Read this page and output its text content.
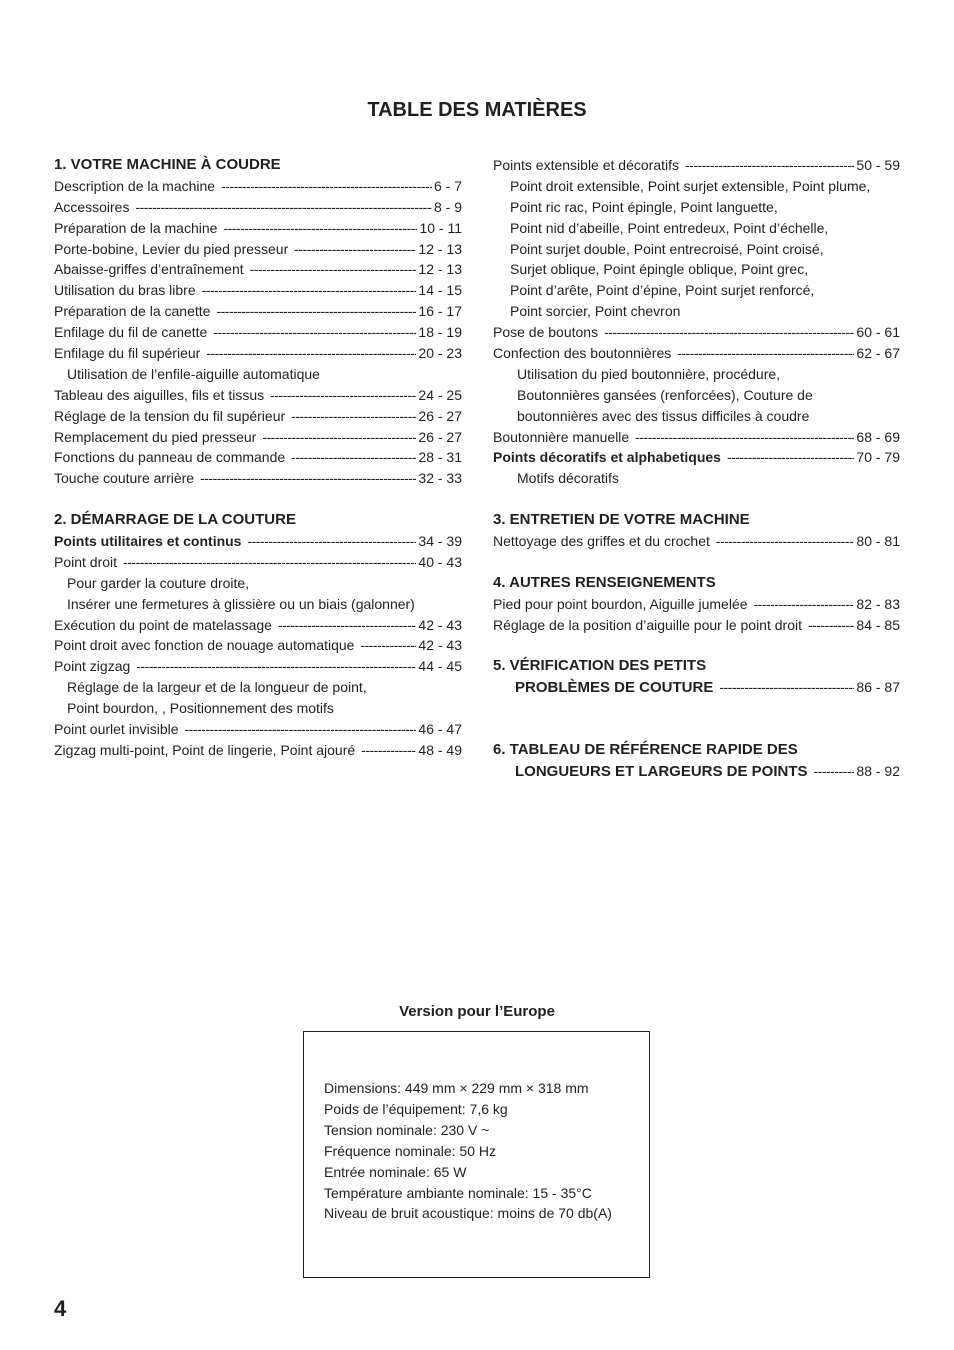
TABLE DES MATIÈRES
1. VOTRE MACHINE À COUDRE
Description de la machine -----	6 - 7
Accessoires -----	8 - 9
Préparation de la machine -----	10 - 11
Porte-bobine, Levier du pied presseur -----	12 - 13
Abaisse-griffes d’entraînement -----	12 - 13
Utilisation du bras libre -----	14 - 15
Préparation de la canette -----	16 - 17
Enfilage du fil de canette -----	18 - 19
Enfilage du fil supérieur -----	20 - 23
Utilisation de l’enfile-aiguille automatique
Tableau des aiguilles, fils et tissus -----	24 - 25
Réglage de la tension du fil supérieur -----	26 - 27
Remplacement du pied presseur -----	26 - 27
Fonctions du panneau de commande -----	28 - 31
Touche couture arrière -----	32 - 33
2. DÉMARRAGE DE LA COUTURE
Points utilitaires et continus -----	34 - 39
Point droit -----	40 - 43
Pour garder la couture droite,
Insérer une fermetures à glissière ou un biais (galonner)
Exécution du point de matelassage -----	42 - 43
Point droit avec fonction de nouage automatique -----	42 - 43
Point zigzag -----	44 - 45
Réglage de la largeur et de la longueur de point,
Point bourdon, , Positionnement des motifs
Point ourlet invisible -----	46 - 47
Zigzag multi-point, Point de lingerie, Point ajouré -----	48 - 49
Points extensible et décoratifs -----	50 - 59
Point droit extensible, Point surjet extensible, Point plume,
Point ric rac, Point épingle, Point languette,
Point nid d’abeille, Point entredeux, Point d’échelle,
Point surjet double, Point entrecroisé, Point croisé,
Surjet oblique, Point épingle oblique, Point grec,
Point d’arête, Point d’épine, Point surjet renforcé,
Point sorcier, Point chevron
Pose de boutons -----	60 - 61
Confection des boutonnières -----	62 - 67
Utilisation du pied boutonnière, procédure,
Boutonnières gansées (renforcées), Couture de
boutonnières avec des tissus difficiles à coudre
Boutonnière manuelle -----	68 - 69
Points décoratifs et alphabetiques -----	70 - 79
Motifs décoratifs
3. ENTRETIEN DE VOTRE MACHINE
Nettoyage des griffes et du crochet -----	80 - 81
4. AUTRES RENSEIGNEMENTS
Pied pour point bourdon, Aiguille jumelée -----	82 - 83
Réglage de la position d’aiguille pour le point droit -----	84 - 85
5. VÉRIFICATION DES PETITS
PROBLÈMES DE COUTURE -----	86 - 87
6. TABLEAU DE RÉFÉRENCE RAPIDE DES
LONGUEURS ET LARGEURS DE POINTS -----	88 - 92
Version pour l’Europe
Dimensions: 449 mm × 229 mm × 318 mm
Poids de l’équipement: 7,6 kg
Tension nominale: 230 V ~
Fréquence nominale: 50 Hz
Entrée nominale: 65 W
Température ambiante nominale: 15 - 35°C
Niveau de bruit acoustique: moins de 70 db(A)
4
